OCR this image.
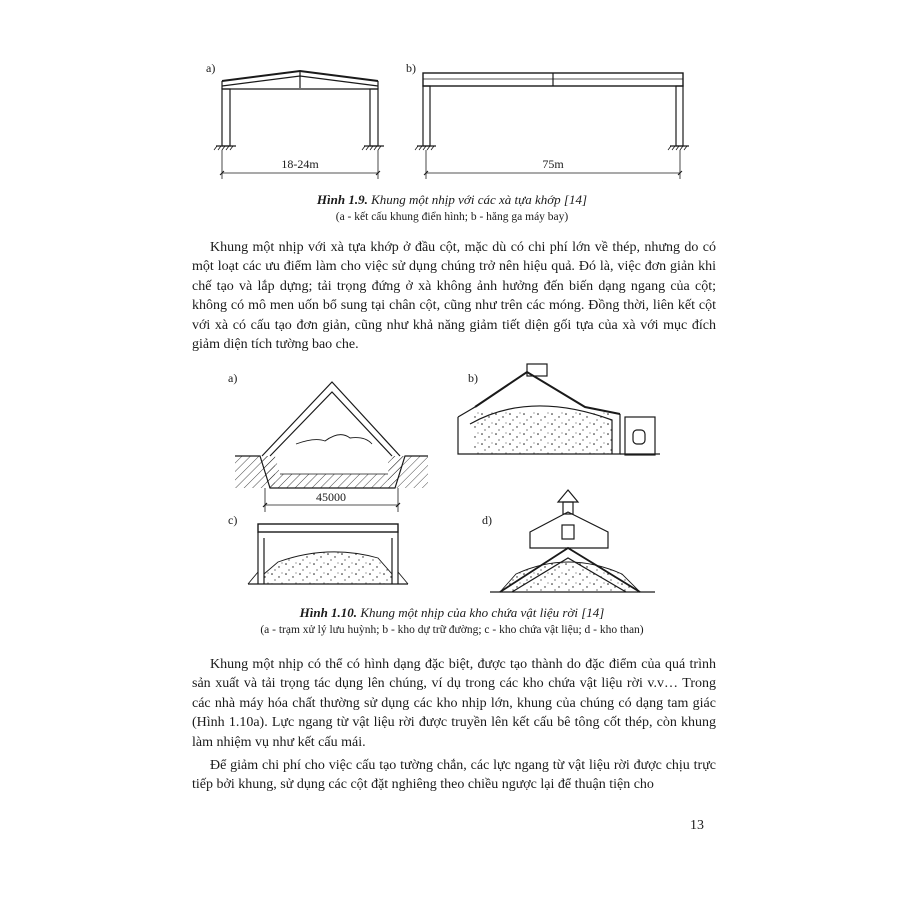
a)	b)
18-24m	75m
Hình 1.9. Khung một nhịp với các xà tựa khớp [14]
(a - kết cấu khung điển hình; b - hăng ga máy bay)

Khung một nhịp với xà tựa khớp ở đầu cột, mặc dù có chi phí lớn về thép, nhưng do có một loạt các ưu điểm làm cho việc sử dụng chúng trở nên hiệu quả. Đó là, việc đơn giản khi chế tạo và lắp dựng; tải trọng đứng ở xà không ảnh hưởng đến biến dạng ngang của cột; không có mô men uốn bổ sung tại chân cột, cũng như trên các móng. Đồng thời, liên kết cột với xà có cấu tạo đơn giản, cũng như khả năng giảm tiết diện gối tựa của xà với mục đích giảm diện tích tường bao che.

a)	b)
c)	d)
45000
Hình 1.10. Khung một nhịp của kho chứa vật liệu rời [14]
(a - trạm xử lý lưu huỳnh; b - kho dự trữ đường; c - kho chứa vật liệu; d - kho than)

Khung một nhịp có thể có hình dạng đặc biệt, được tạo thành do đặc điểm của quá trình sản xuất và tải trọng tác dụng lên chúng, ví dụ trong các kho chứa vật liệu rời v.v… Trong các nhà máy hóa chất thường sử dụng các kho nhịp lớn, khung của chúng có dạng tam giác (Hình 1.10a). Lực ngang từ vật liệu rời được truyền lên kết cấu bê tông cốt thép, còn khung làm nhiệm vụ như kết cấu mái.

Để giảm chi phí cho việc cấu tạo tường chắn, các lực ngang từ vật liệu rời được chịu trực tiếp bởi khung, sử dụng các cột đặt nghiêng theo chiều ngược lại để thuận tiện cho

13
